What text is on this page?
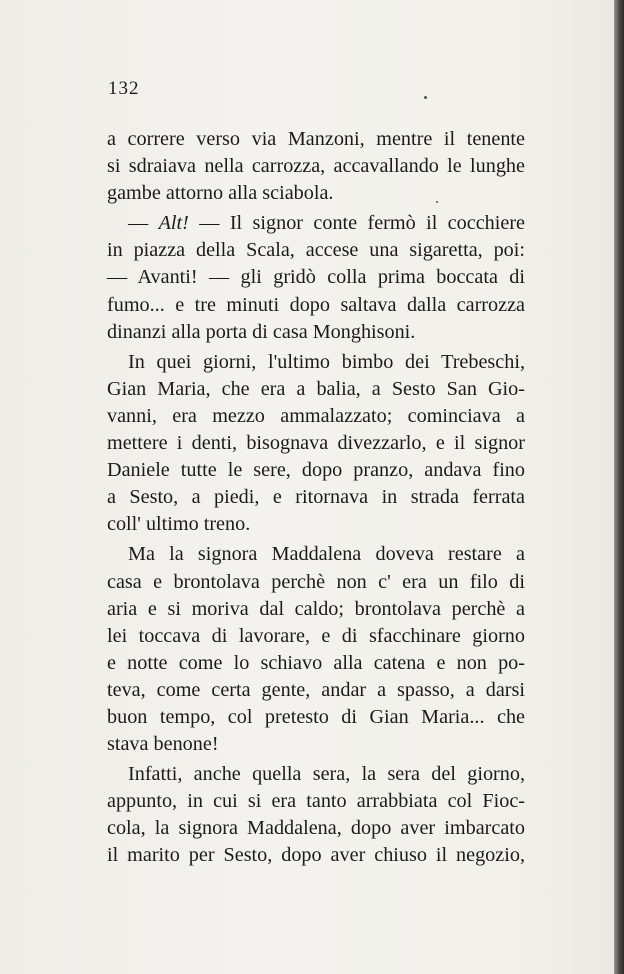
132
a correre verso via Manzoni, mentre il tenente
si sdraiava nella carrozza, accavallando le lunghe
gambe attorno alla sciabola.
— Alt! — Il signor conte fermò il cocchiere
in piazza della Scala, accese una sigaretta, poi:
— Avanti! — gli gridò colla prima boccata di
fumo... e tre minuti dopo saltava dalla carrozza
dinanzi alla porta di casa Monghisoni.
In quei giorni, l'ultimo bimbo dei Trebeschi,
Gian Maria, che era a balia, a Sesto San Gio-
vanni, era mezzo ammalazzato; cominciava a
mettere i denti, bisognava divezzarlo, e il signor
Daniele tutte le sere, dopo pranzo, andava fino
a Sesto, a piedi, e ritornava in strada ferrata
coll' ultimo treno.
Ma la signora Maddalena doveva restare a
casa e brontolava perchè non c' era un filo di
aria e si moriva dal caldo; brontolava perchè a
lei toccava di lavorare, e di sfacchinare giorno
e notte come lo schiavo alla catena e non po-
teva, come certa gente, andar a spasso, a darsi
buon tempo, col pretesto di Gian Maria... che
stava benone!
Infatti, anche quella sera, la sera del giorno,
appunto, in cui si era tanto arrabbiata col Fioc-
cola, la signora Maddalena, dopo aver imbarcato
il marito per Sesto, dopo aver chiuso il negozio,
